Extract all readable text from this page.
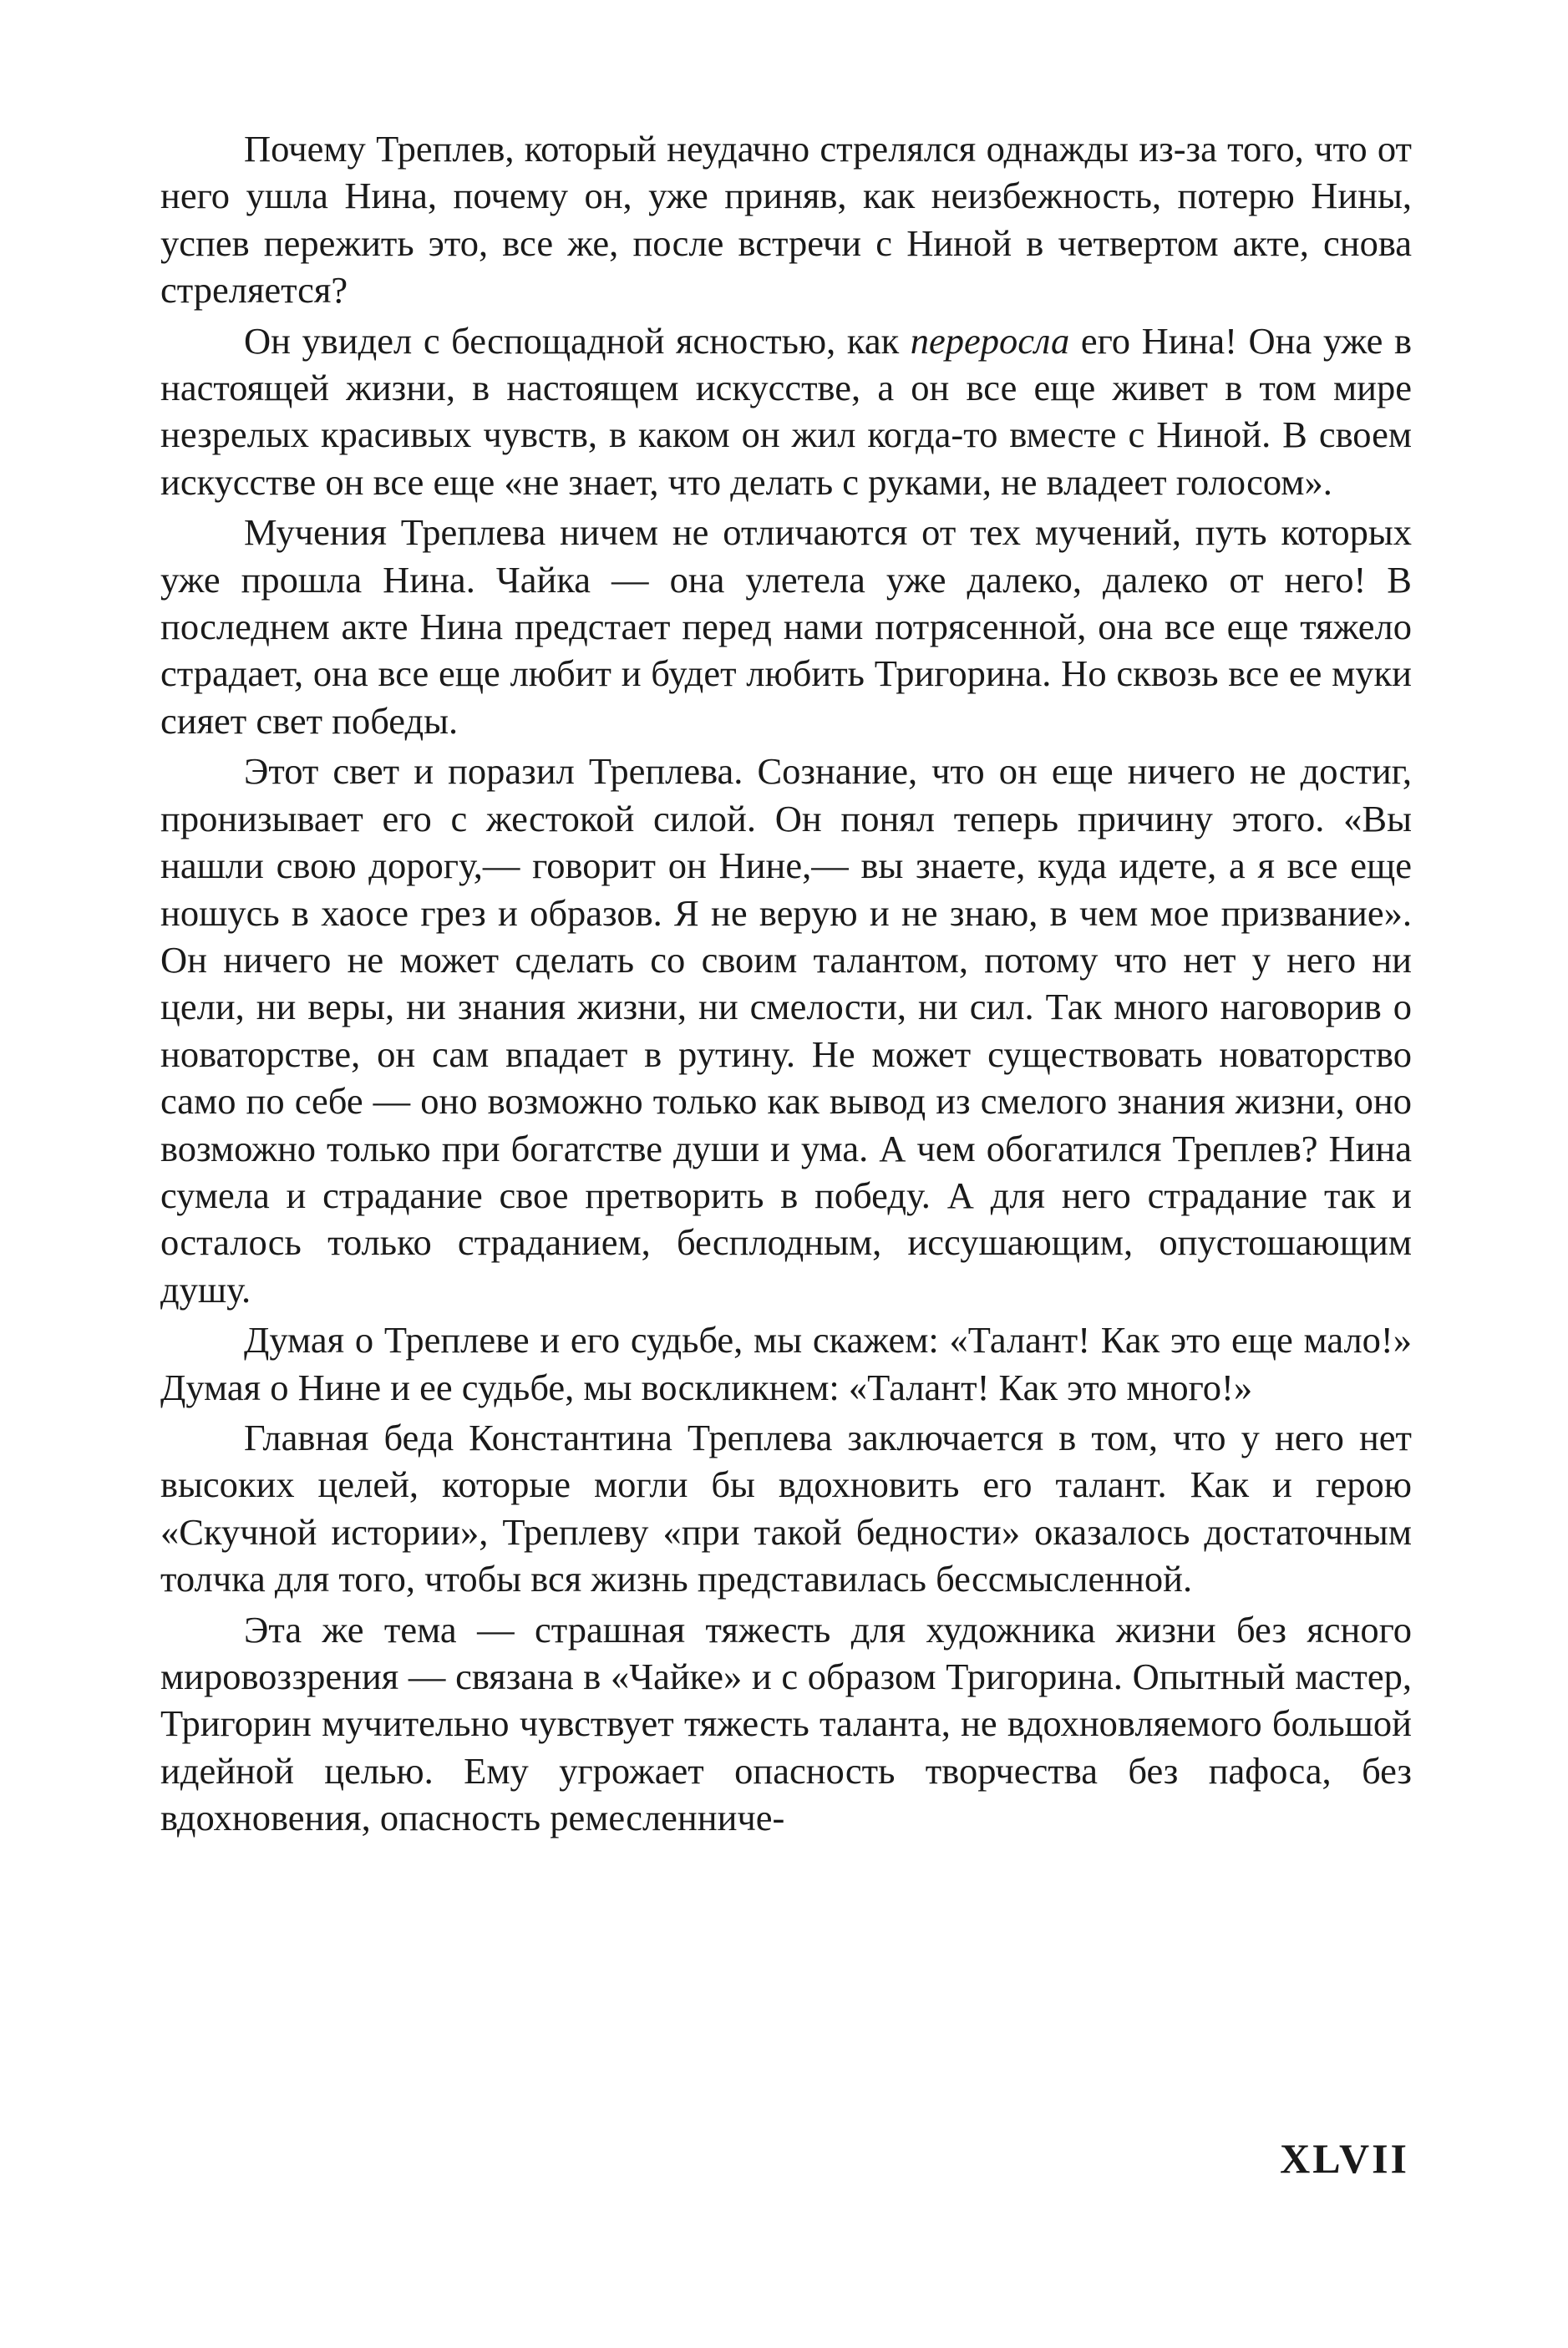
Почему Треплев, который неудачно стрелялся однажды из-за того, что от него ушла Нина, почему он, уже приняв, как неизбежность, потерю Нины, успев пережить это, все же, после встречи с Ниной в четвертом акте, снова стреляется?

Он увидел с беспощадной ясностью, как переросла его Нина! Она уже в настоящей жизни, в настоящем искусстве, а он все еще живет в том мире незрелых красивых чувств, в каком он жил когда-то вместе с Ниной. В своем искусстве он все еще «не знает, что делать с руками, не владеет голосом».

Мучения Треплева ничем не отличаются от тех мучений, путь которых уже прошла Нина. Чайка — она улетела уже далеко, далеко от него! В последнем акте Нина предстает перед нами потрясенной, она все еще тяжело страдает, она все еще любит и будет любить Тригорина. Но сквозь все ее муки сияет свет победы.

Этот свет и поразил Треплева. Сознание, что он еще ничего не достиг, пронизывает его с жестокой силой. Он понял теперь причину этого. «Вы нашли свою дорогу,— говорит он Нине,— вы знаете, куда идете, а я все еще ношусь в хаосе грез и образов. Я не верую и не знаю, в чем мое призвание». Он ничего не может сделать со своим талантом, потому что нет у него ни цели, ни веры, ни знания жизни, ни смелости, ни сил. Так много наговорив о новаторстве, он сам впадает в рутину. Не может существовать новаторство само по себе — оно возможно только как вывод из смелого знания жизни, оно возможно только при богатстве души и ума. А чем обогатился Треплев? Нина сумела и страдание свое претворить в победу. А для него страдание так и осталось только страданием, бесплодным, иссушающим, опустошающим душу.

Думая о Треплеве и его судьбе, мы скажем: «Талант! Как это еще мало!» Думая о Нине и ее судьбе, мы воскликнем: «Талант! Как это много!»

Главная беда Константина Треплева заключается в том, что у него нет высоких целей, которые могли бы вдохновить его талант. Как и герою «Скучной истории», Треплеву «при такой бедности» оказалось достаточным толчка для того, чтобы вся жизнь представилась бессмысленной.

Эта же тема — страшная тяжесть для художника жизни без ясного мировоззрения — связана в «Чайке» и с образом Тригорина. Опытный мастер, Тригорин мучительно чувствует тяжесть таланта, не вдохновляемого большой идейной целью. Ему угрожает опасность творчества без пафоса, без вдохновения, опасность ремесленниче-

XLVII
